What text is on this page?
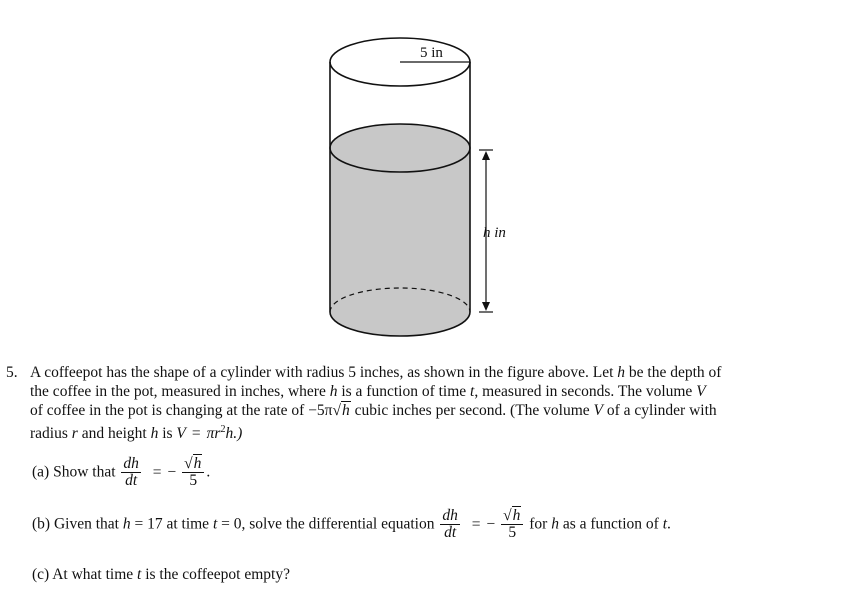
5 in
h in
5. A coffeepot has the shape of a cylinder with radius 5 inches, as shown in the figure above. Let h be the depth of
the coffee in the pot, measured in inches, where h is a function of time t, measured in seconds. The volume V
of coffee in the pot is changing at the rate of −5π√h cubic inches per second. (The volume V of a cylinder with
radius r and height h is $V = \pi r^2h$.)
(a) Show that $\frac{dh}{dt}$ = − $\frac{√h}{5}$ .
(b) Given that h = 17 at time t = 0, solve the differential equation $\frac{dh}{dt}$ = − $\frac{√h}{5}$ for h as a function of t.
(c) At what time t is the coffeepot empty?
